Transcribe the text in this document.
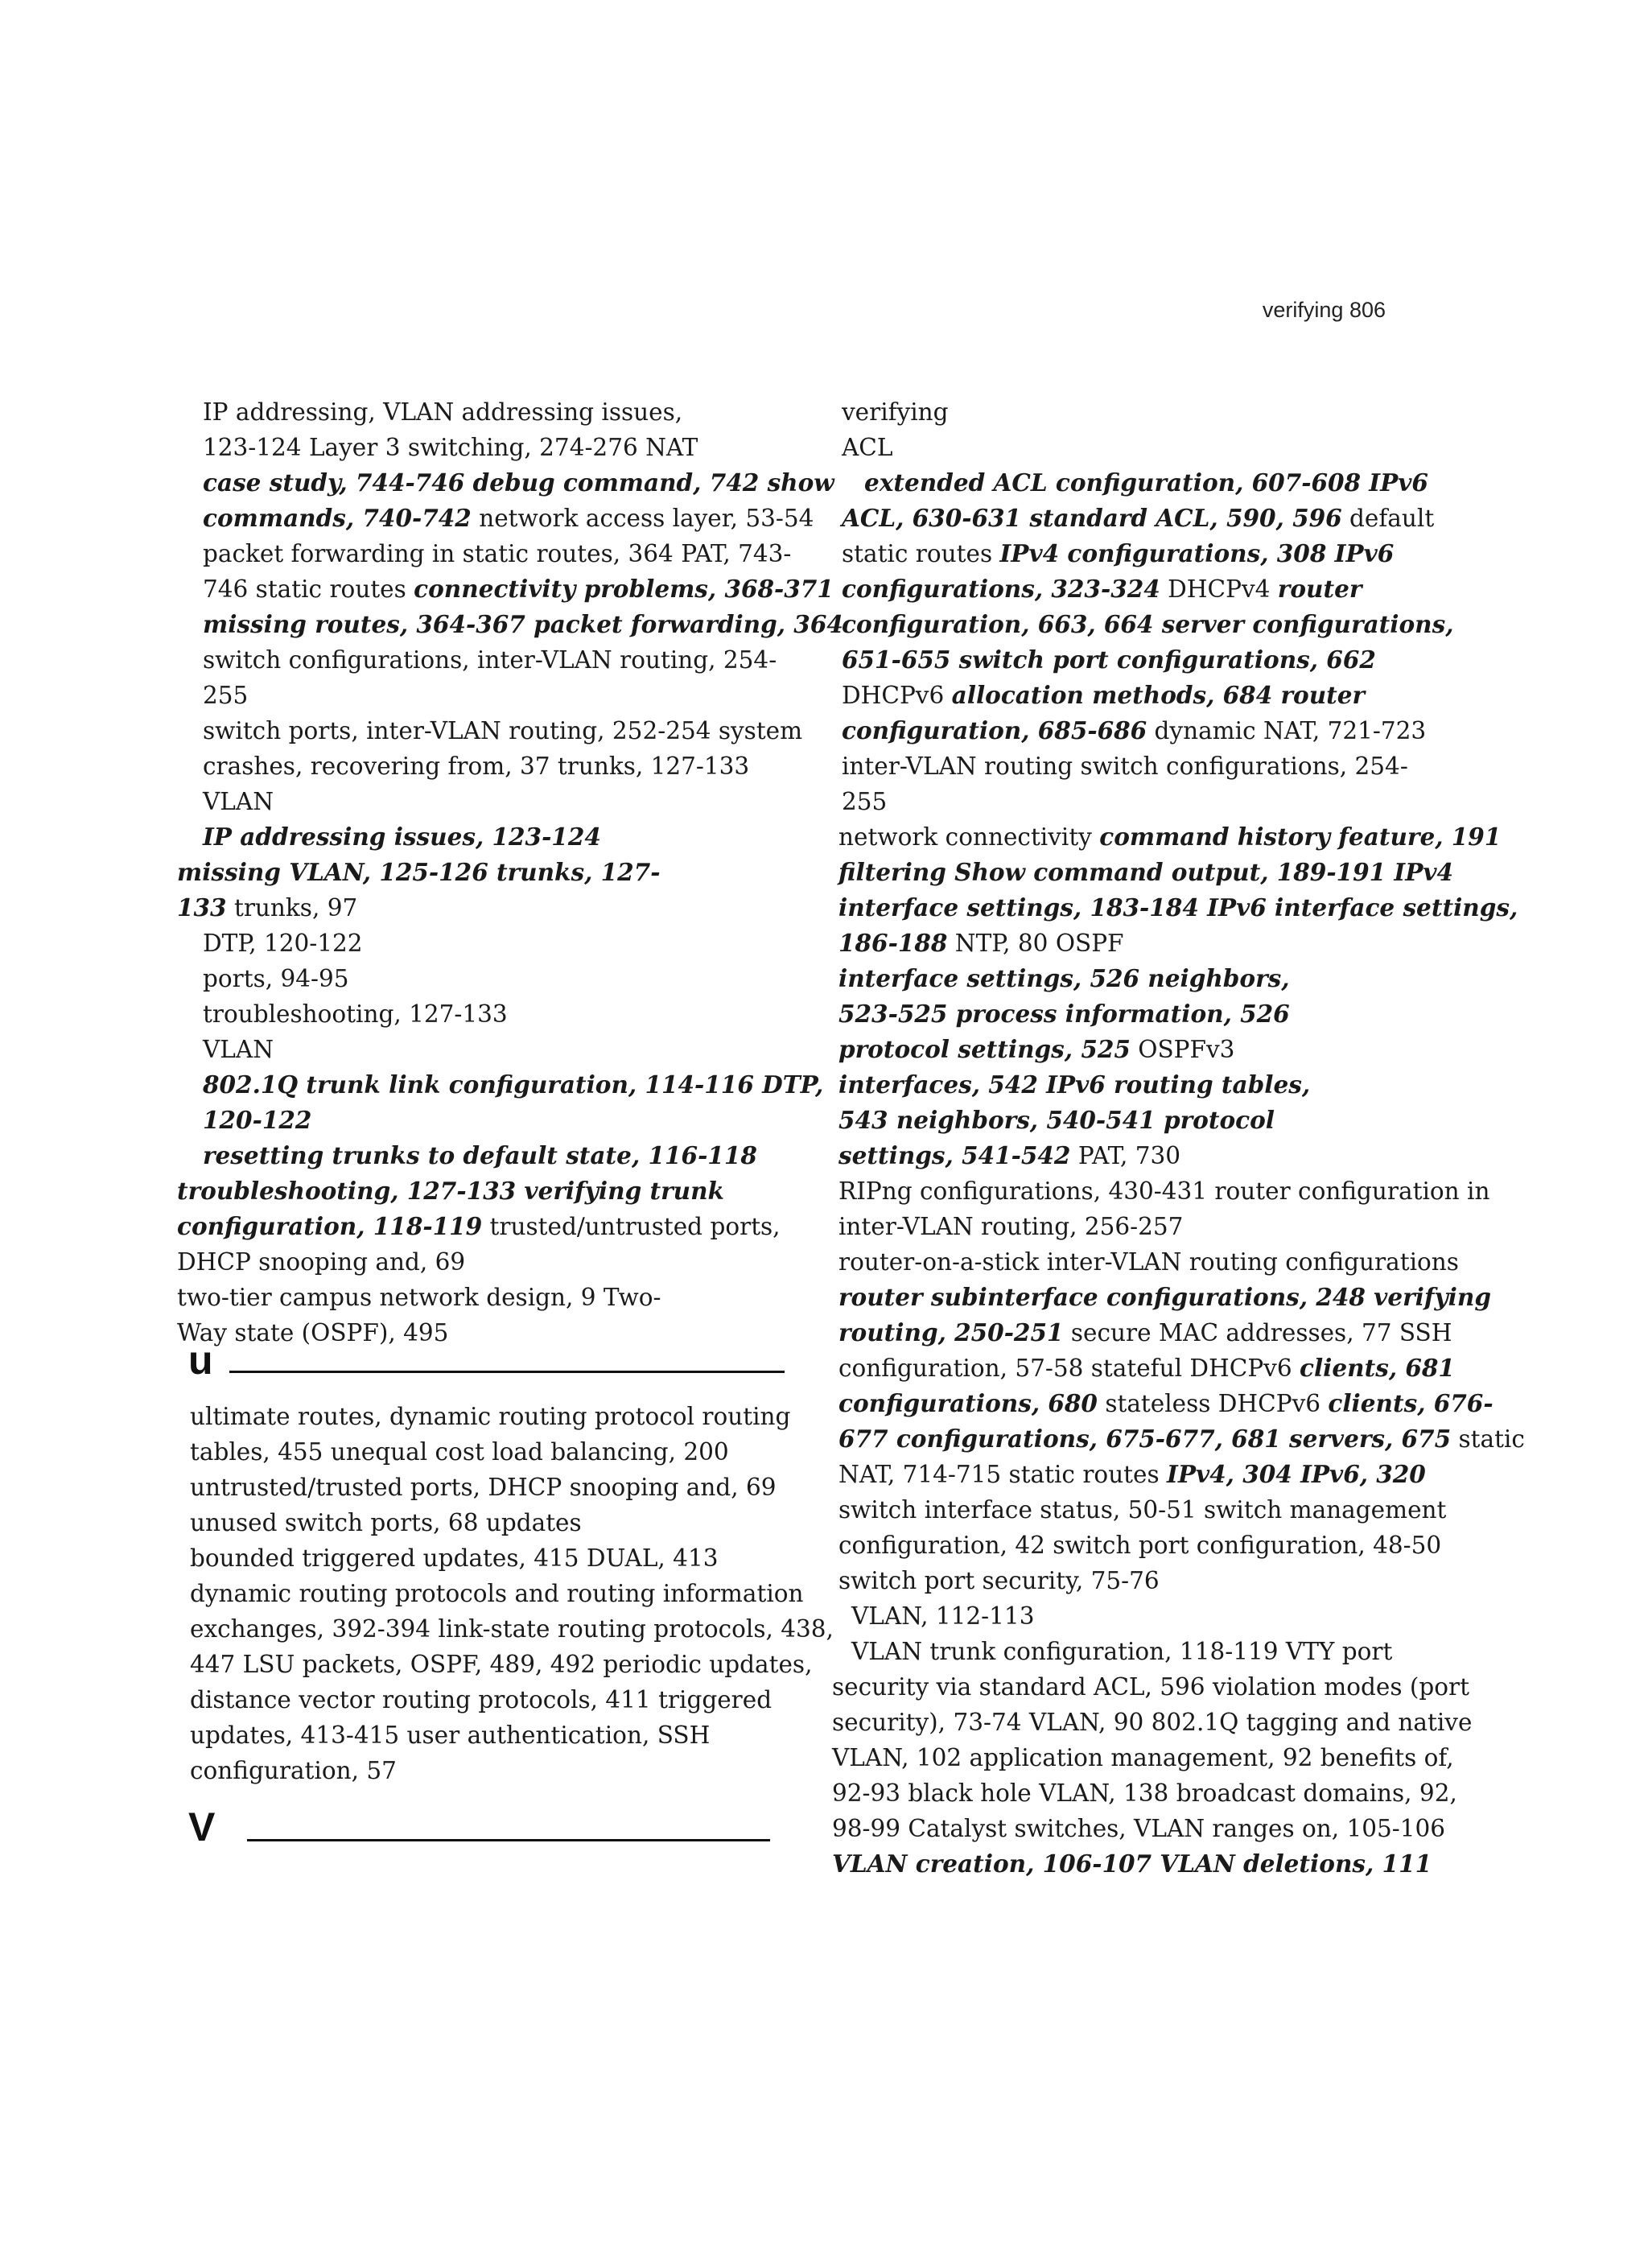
verifying 806
IP addressing, VLAN addressing issues,
123-124 Layer 3 switching, 274-276 NAT
case study, 744-746 debug command, 742 show
commands, 740-742 network access layer, 53-54
packet forwarding in static routes, 364 PAT, 743-
746 static routes connectivity problems, 368-371
missing routes, 364-367 packet forwarding, 364
switch configurations, inter-VLAN routing, 254-
255
switch ports, inter-VLAN routing, 252-254 system
crashes, recovering from, 37 trunks, 127-133
VLAN
IP addressing issues, 123-124
missing VLAN, 125-126 trunks, 127-
133 trunks, 97
DTP, 120-122
ports, 94-95
troubleshooting, 127-133
VLAN
802.1Q trunk link configuration, 114-116 DTP,
120-122
resetting trunks to default state, 116-118
troubleshooting, 127-133 verifying trunk
configuration, 118-119 trusted/untrusted ports,
DHCP snooping and, 69
two-tier campus network design, 9 Two-
Way state (OSPF), 495
u
ultimate routes, dynamic routing protocol routing
tables, 455 unequal cost load balancing, 200
untrusted/trusted ports, DHCP snooping and, 69
unused switch ports, 68 updates
bounded triggered updates, 415 DUAL, 413
dynamic routing protocols and routing information
exchanges, 392-394 link-state routing protocols, 438,
447 LSU packets, OSPF, 489, 492 periodic updates,
distance vector routing protocols, 411 triggered
updates, 413-415 user authentication, SSH
configuration, 57
V
verifying
ACL
extended ACL configuration, 607-608 IPv6
ACL, 630-631 standard ACL, 590, 596 default
static routes IPv4 configurations, 308 IPv6
configurations, 323-324 DHCPv4 router
configuration, 663, 664 server configurations,
651-655 switch port configurations, 662
DHCPv6 allocation methods, 684 router
configuration, 685-686 dynamic NAT, 721-723
inter-VLAN routing switch configurations, 254-
255
network connectivity command history feature, 191
filtering Show command output, 189-191 IPv4
interface settings, 183-184 IPv6 interface settings,
186-188 NTP, 80 OSPF
interface settings, 526 neighbors,
523-525 process information, 526
protocol settings, 525 OSPFv3
interfaces, 542 IPv6 routing tables,
543 neighbors, 540-541 protocol
settings, 541-542 PAT, 730
RIPng configurations, 430-431 router configuration in
inter-VLAN routing, 256-257
router-on-a-stick inter-VLAN routing configurations
router subinterface configurations, 248 verifying
routing, 250-251 secure MAC addresses, 77 SSH
configuration, 57-58 stateful DHCPv6 clients, 681
configurations, 680 stateless DHCPv6 clients, 676-
677 configurations, 675-677, 681 servers, 675 static
NAT, 714-715 static routes IPv4, 304 IPv6, 320
switch interface status, 50-51 switch management
configuration, 42 switch port configuration, 48-50
switch port security, 75-76
VLAN, 112-113
VLAN trunk configuration, 118-119 VTY port
security via standard ACL, 596 violation modes (port
security), 73-74 VLAN, 90 802.1Q tagging and native
VLAN, 102 application management, 92 benefits of,
92-93 black hole VLAN, 138 broadcast domains, 92,
98-99 Catalyst switches, VLAN ranges on, 105-106
VLAN creation, 106-107 VLAN deletions, 111
